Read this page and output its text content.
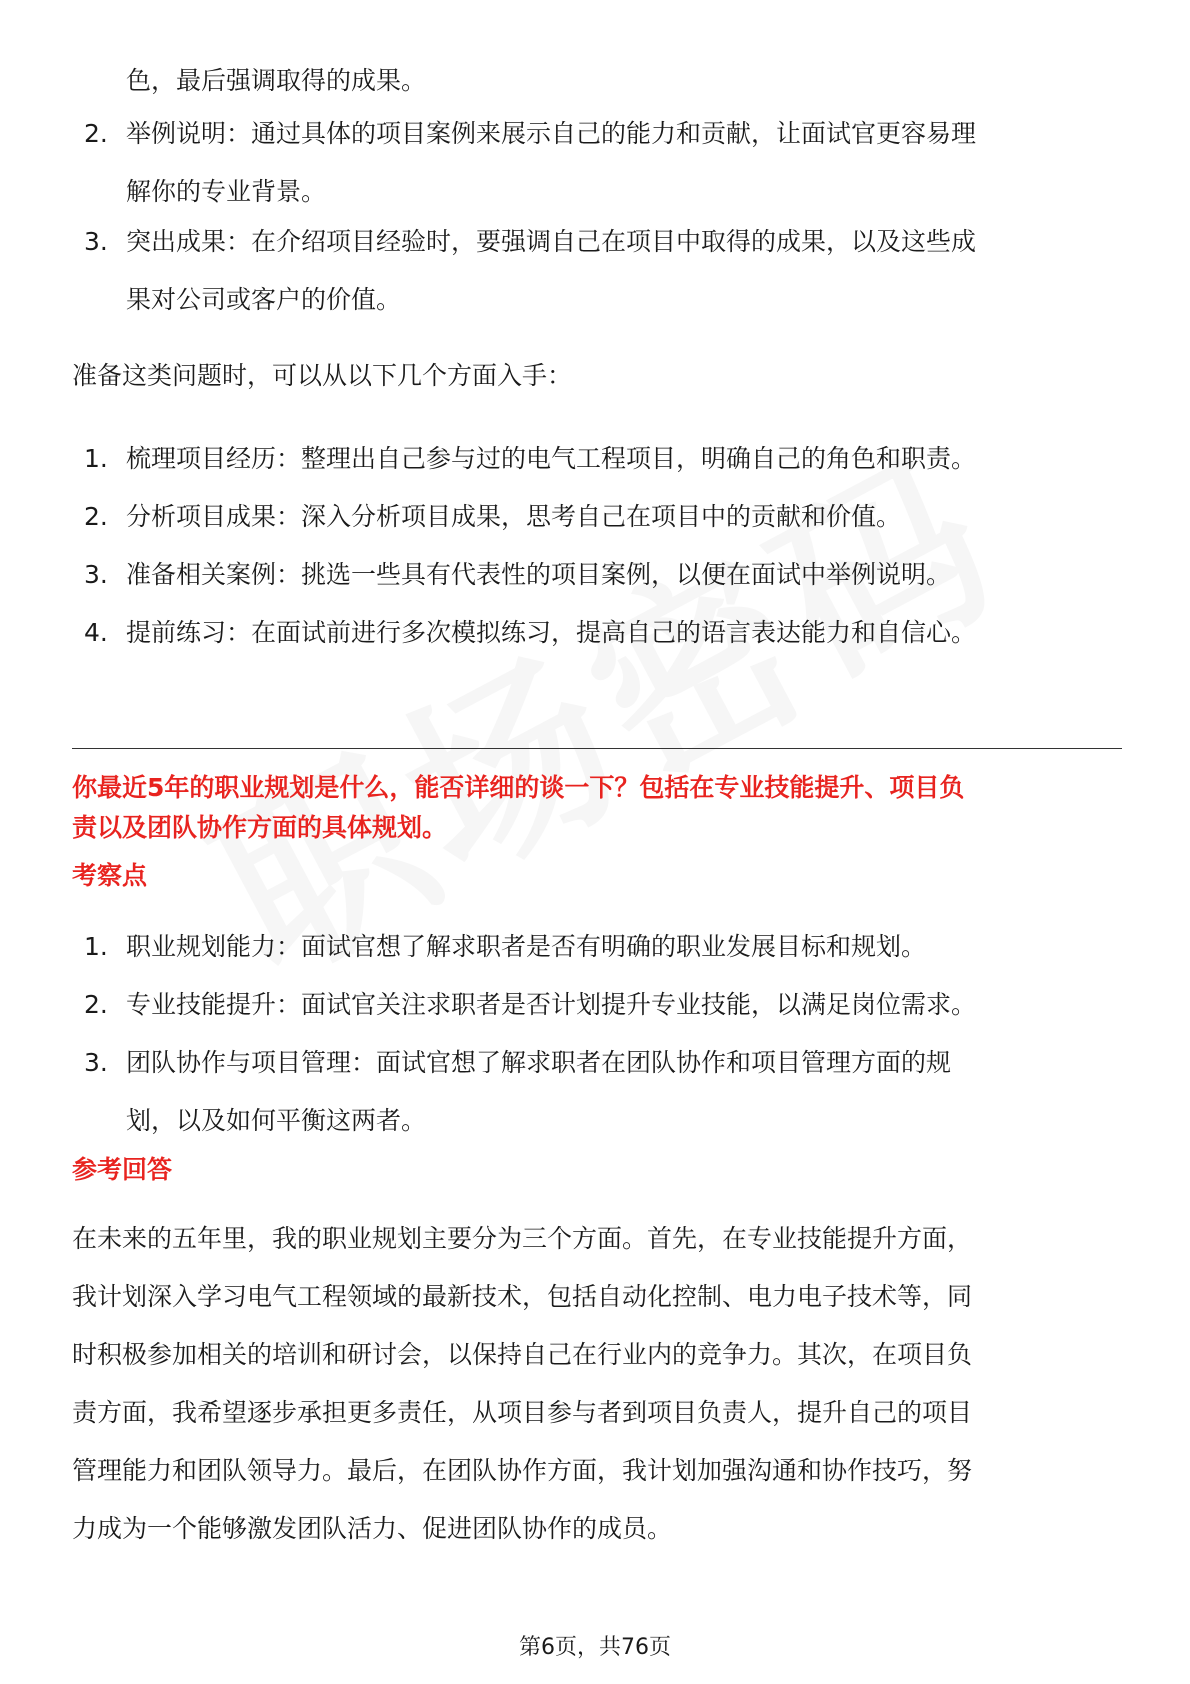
色，最后强调取得的成果。
2. 举例说明：通过具体的项目案例来展示自己的能力和贡献，让面试官更容易理
解你的专业背景。
3. 突出成果：在介绍项目经验时，要强调自己在项目中取得的成果，以及这些成
果对公司或客户的价值。
准备这类问题时，可以从以下几个方面入手：
1. 梳理项目经历：整理出自己参与过的电气工程项目，明确自己的角色和职责。
2. 分析项目成果：深入分析项目成果，思考自己在项目中的贡献和价值。
3. 准备相关案例：挑选一些具有代表性的项目案例，以便在面试中举例说明。
4. 提前练习：在面试前进行多次模拟练习，提高自己的语言表达能力和自信心。
你最近5年的职业规划是什么，能否详细的谈一下？包括在专业技能提升、项目负
责以及团队协作方面的具体规划。
考察点
1. 职业规划能力：面试官想了解求职者是否有明确的职业发展目标和规划。
2. 专业技能提升：面试官关注求职者是否计划提升专业技能，以满足岗位需求。
3. 团队协作与项目管理：面试官想了解求职者在团队协作和项目管理方面的规
划，以及如何平衡这两者。
参考回答
在未来的五年里，我的职业规划主要分为三个方面。首先，在专业技能提升方面，
我计划深入学习电气工程领域的最新技术，包括自动化控制、电力电子技术等，同
时积极参加相关的培训和研讨会，以保持自己在行业内的竞争力。其次，在项目负
责方面，我希望逐步承担更多责任，从项目参与者到项目负责人，提升自己的项目
管理能力和团队领导力。最后，在团队协作方面，我计划加强沟通和协作技巧，努
力成为一个能够激发团队活力、促进团队协作的成员。
第6页，共76页
